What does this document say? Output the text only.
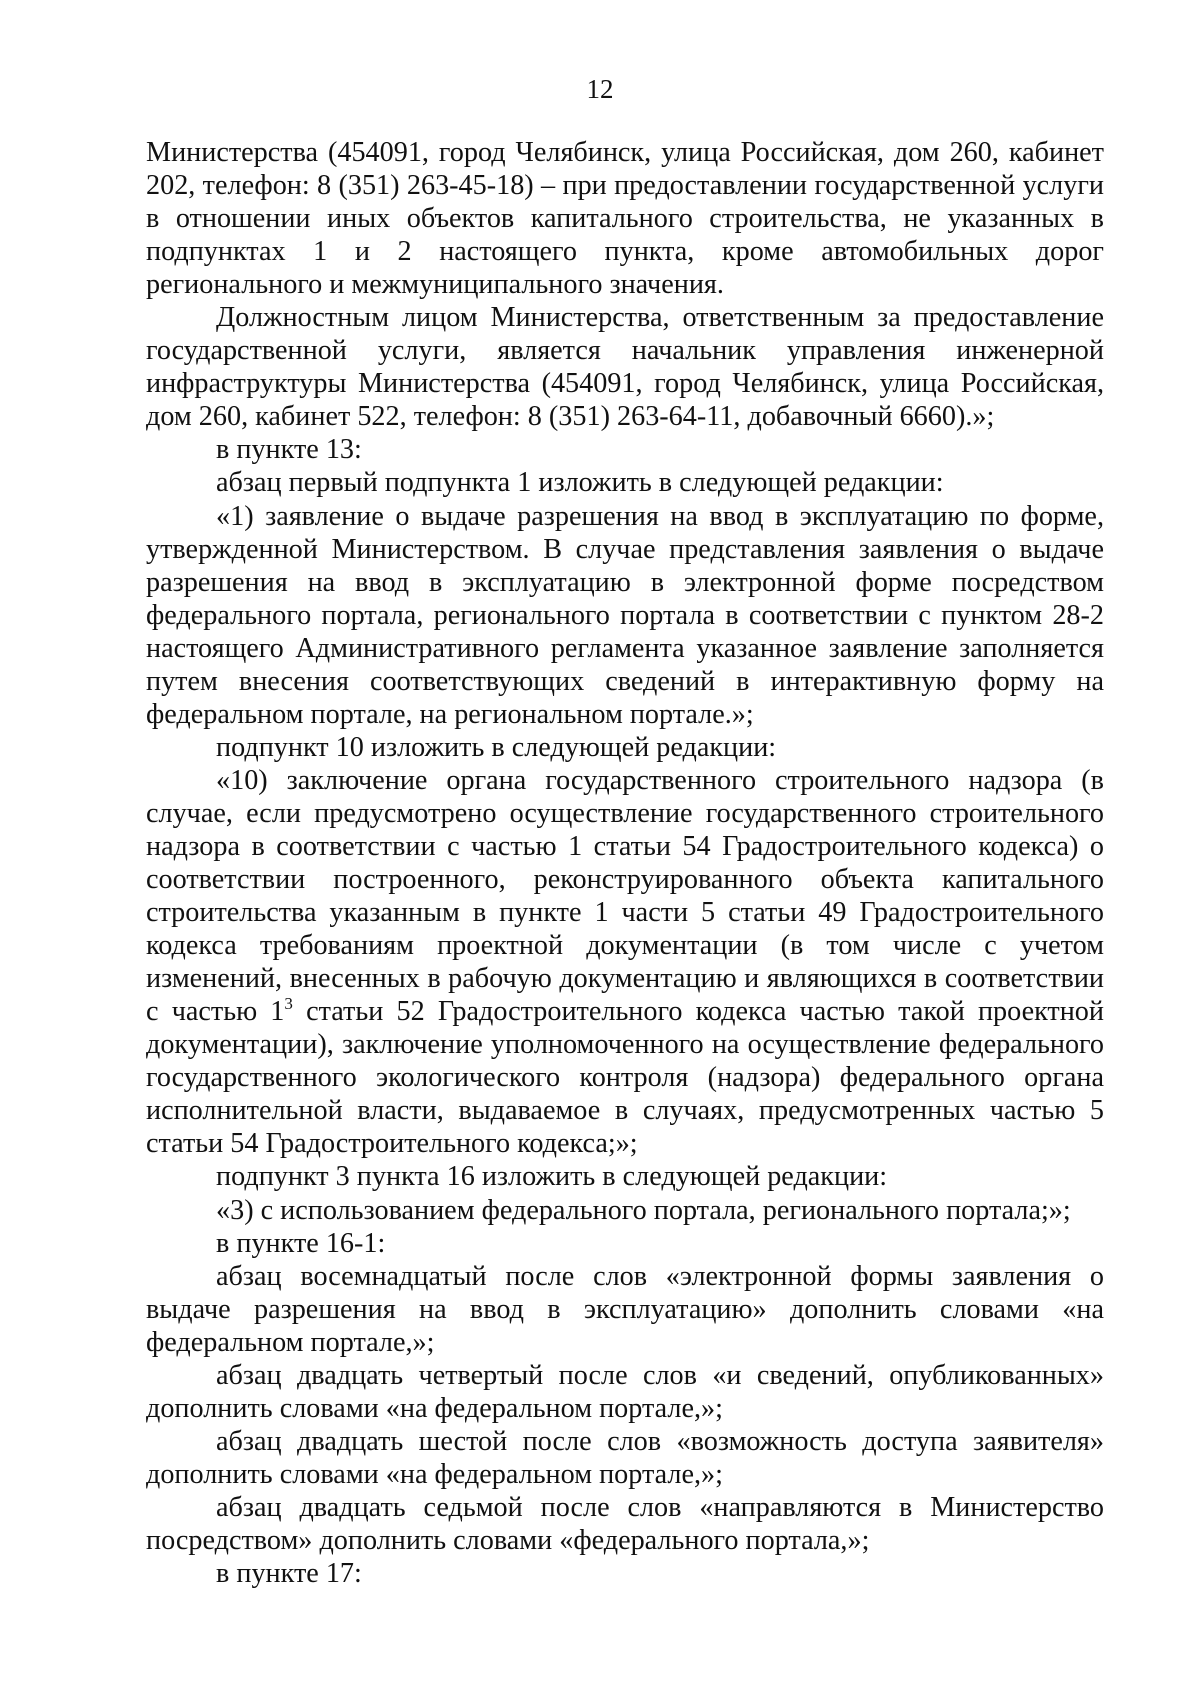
12

Министерства (454091, город Челябинск, улица Российская, дом 260, кабинет 202, телефон: 8 (351) 263-45-18) – при предоставлении государственной услуги в отношении иных объектов капитального строительства, не указанных в подпунктах 1 и 2 настоящего пункта, кроме автомобильных дорог регионального и межмуниципального значения.

Должностным лицом Министерства, ответственным за предоставление государственной услуги, является начальник управления инженерной инфраструктуры Министерства (454091, город Челябинск, улица Российская, дом 260, кабинет 522, телефон: 8 (351) 263-64-11, добавочный 6660).»;

в пункте 13:

абзац первый подпункта 1 изложить в следующей редакции:

«1) заявление о выдаче разрешения на ввод в эксплуатацию по форме, утвержденной Министерством. В случае представления заявления о выдаче разрешения на ввод в эксплуатацию в электронной форме посредством федерального портала, регионального портала в соответствии с пунктом 28-2 настоящего Административного регламента указанное заявление заполняется путем внесения соответствующих сведений в интерактивную форму на федеральном портале, на региональном портале.»;

подпункт 10 изложить в следующей редакции:

«10) заключение органа государственного строительного надзора (в случае, если предусмотрено осуществление государственного строительного надзора в соответствии с частью 1 статьи 54 Градостроительного кодекса) о соответствии построенного, реконструированного объекта капитального строительства указанным в пункте 1 части 5 статьи 49 Градостроительного кодекса требованиям проектной документации (в том числе с учетом изменений, внесенных в рабочую документацию и являющихся в соответствии с частью $1^3$ статьи 52 Градостроительного кодекса частью такой проектной документации), заключение уполномоченного на осуществление федерального государственного экологического контроля (надзора) федерального органа исполнительной власти, выдаваемое в случаях, предусмотренных частью 5 статьи 54 Градостроительного кодекса;»;

подпункт 3 пункта 16 изложить в следующей редакции:

«3) с использованием федерального портала, регионального портала;»;

в пункте 16-1:

абзац восемнадцатый после слов «электронной формы заявления о выдаче разрешения на ввод в эксплуатацию» дополнить словами «на федеральном портале,»;

абзац двадцать четвертый после слов «и сведений, опубликованных» дополнить словами «на федеральном портале,»;

абзац двадцать шестой после слов «возможность доступа заявителя» дополнить словами «на федеральном портале,»;

абзац двадцать седьмой после слов «направляются в Министерство посредством» дополнить словами «федерального портала,»;

в пункте 17:
